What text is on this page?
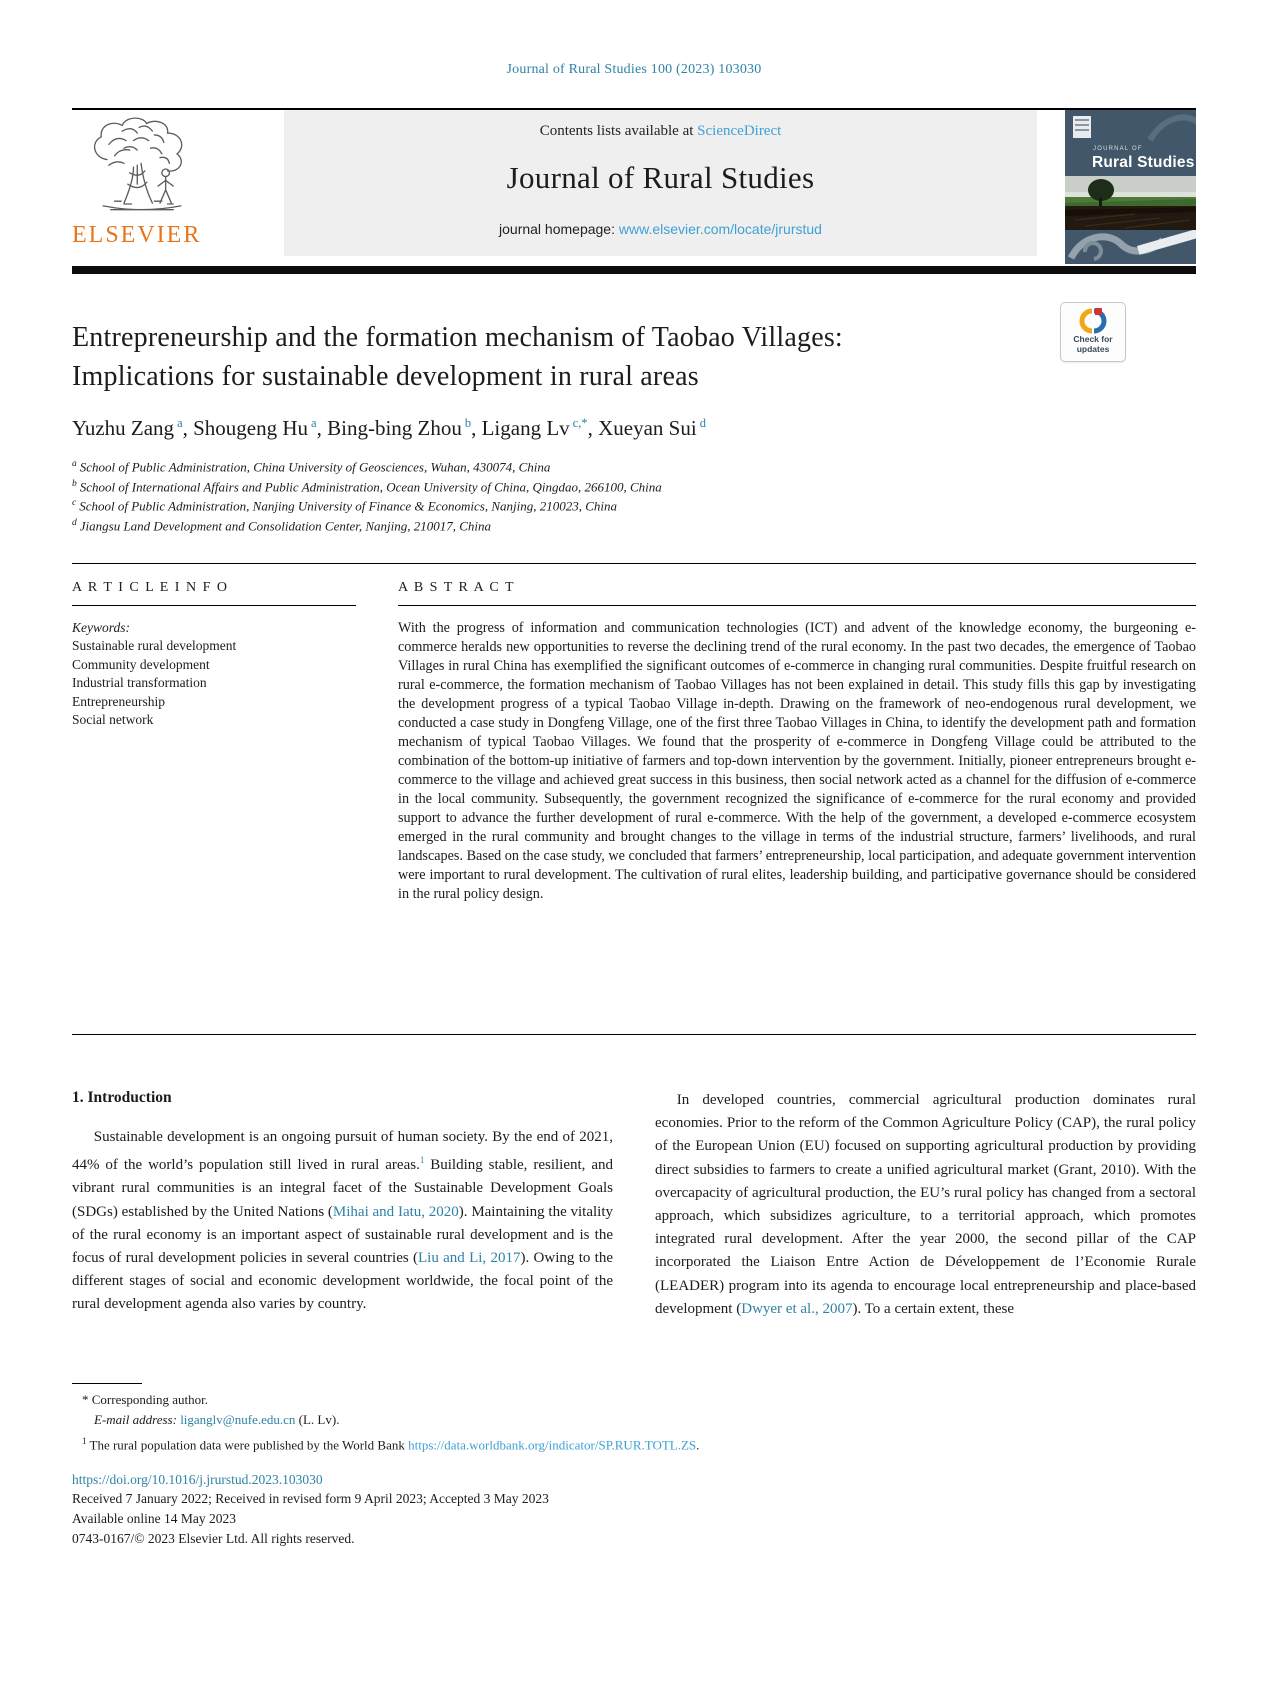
Journal of Rural Studies 100 (2023) 103030
ELSEVIER
Contents lists available at ScienceDirect
Journal of Rural Studies
journal homepage: www.elsevier.com/locate/jrurstud
JOURNAL OF
Rural Studies
Check for
updates
Entrepreneurship and the formation mechanism of Taobao Villages:
Implications for sustainable development in rural areas
Yuzhu Zang $^a$, Shougeng Hu $^a$, Bing-bing Zhou $^b$, Ligang Lv $^{c,*}$, Xueyan Sui $^d$
$^a$ School of Public Administration, China University of Geosciences, Wuhan, 430074, China
$^b$ School of International Affairs and Public Administration, Ocean University of China, Qingdao, 266100, China
$^c$ School of Public Administration, Nanjing University of Finance & Economics, Nanjing, 210023, China
$^d$ Jiangsu Land Development and Consolidation Center, Nanjing, 210017, China
A R T I C L E I N F O
Keywords:
Sustainable rural development
Community development
Industrial transformation
Entrepreneurship
Social network
A B S T R A C T
With the progress of information and communication technologies (ICT) and advent of the knowledge economy, the burgeoning e-commerce heralds new opportunities to reverse the declining trend of the rural economy. In the past two decades, the emergence of Taobao Villages in rural China has exemplified the significant outcomes of e-commerce in changing rural communities. Despite fruitful research on rural e-commerce, the formation mechanism of Taobao Villages has not been explained in detail. This study fills this gap by investigating the development progress of a typical Taobao Village in-depth. Drawing on the framework of neo-endogenous rural development, we conducted a case study in Dongfeng Village, one of the first three Taobao Villages in China, to identify the development path and formation mechanism of typical Taobao Villages. We found that the prosperity of e-commerce in Dongfeng Village could be attributed to the combination of the bottom-up initiative of farmers and top-down intervention by the government. Initially, pioneer entrepreneurs brought e-commerce to the village and achieved great success in this business, then social network acted as a channel for the diffusion of e-commerce in the local community. Subsequently, the government recognized the significance of e-commerce for the rural economy and provided support to advance the further development of rural e-commerce. With the help of the government, a developed e-commerce ecosystem emerged in the rural community and brought changes to the village in terms of the industrial structure, farmers’ livelihoods, and rural landscapes. Based on the case study, we concluded that farmers’ entrepreneurship, local participation, and adequate government intervention were important to rural development. The cultivation of rural elites, leadership building, and participative governance should be considered in the rural policy design.
1. Introduction
Sustainable development is an ongoing pursuit of human society. By the end of 2021, 44% of the world’s population still lived in rural areas.$^1$ Building stable, resilient, and vibrant rural communities is an integral facet of the Sustainable Development Goals (SDGs) established by the United Nations (Mihai and Iatu, 2020). Maintaining the vitality of the rural economy is an important aspect of sustainable rural development and is the focus of rural development policies in several countries (Liu and Li, 2017). Owing to the different stages of social and economic development worldwide, the focal point of the rural development agenda also varies by country.
In developed countries, commercial agricultural production dominates rural economies. Prior to the reform of the Common Agriculture Policy (CAP), the rural policy of the European Union (EU) focused on supporting agricultural production by providing direct subsidies to farmers to create a unified agricultural market (Grant, 2010). With the overcapacity of agricultural production, the EU’s rural policy has changed from a sectoral approach, which subsidizes agriculture, to a territorial approach, which promotes integrated rural development. After the year 2000, the second pillar of the CAP incorporated the Liaison Entre Action de Développement de l’Economie Rurale (LEADER) program into its agenda to encourage local entrepreneurship and place-based development (Dwyer et al., 2007). To a certain extent, these
* Corresponding author.
E-mail address: liganglv@nufe.edu.cn (L. Lv).
$^1$ The rural population data were published by the World Bank https://data.worldbank.org/indicator/SP.RUR.TOTL.ZS.
https://doi.org/10.1016/j.jrurstud.2023.103030
Received 7 January 2022; Received in revised form 9 April 2023; Accepted 3 May 2023
Available online 14 May 2023
0743-0167/© 2023 Elsevier Ltd. All rights reserved.
